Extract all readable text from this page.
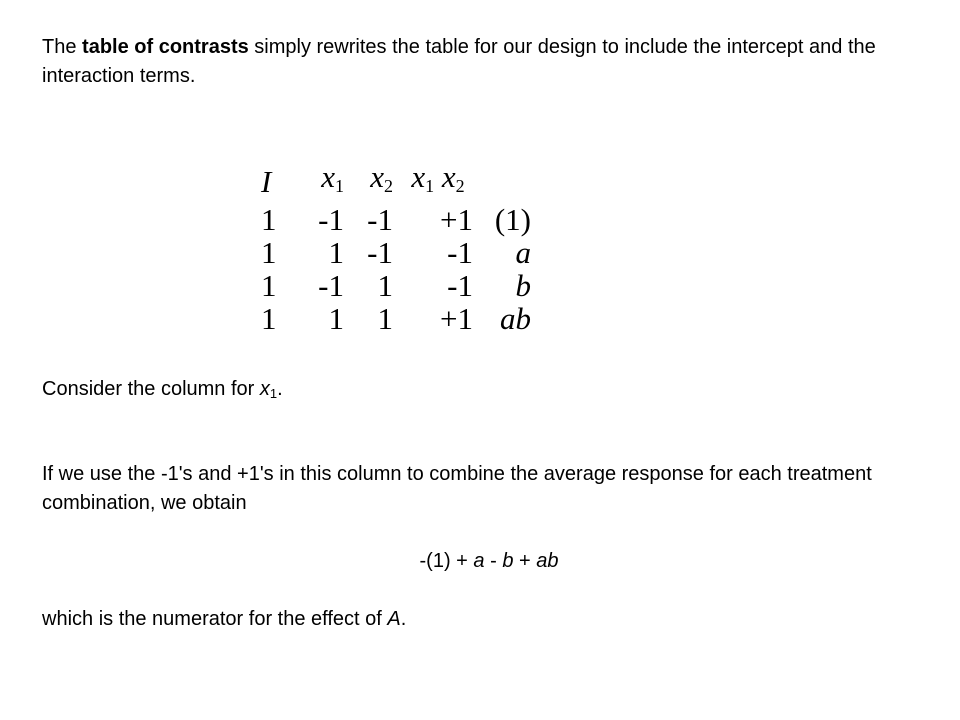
The table of contrasts simply rewrites the table for our design to include the intercept and the interaction terms.

I	$x_1$	$x_2$	$x_1$ $x_2$	
1	-1	-1	+1	(1)
1	1	-1	-1	a
1	-1	1	-1	b
1	1	1	+1	ab

Consider the column for $x_1$.

If we use the -1's and +1's in this column to combine the average response for each treatment combination, we obtain

-(1) + a - b + ab

which is the numerator for the effect of A.
